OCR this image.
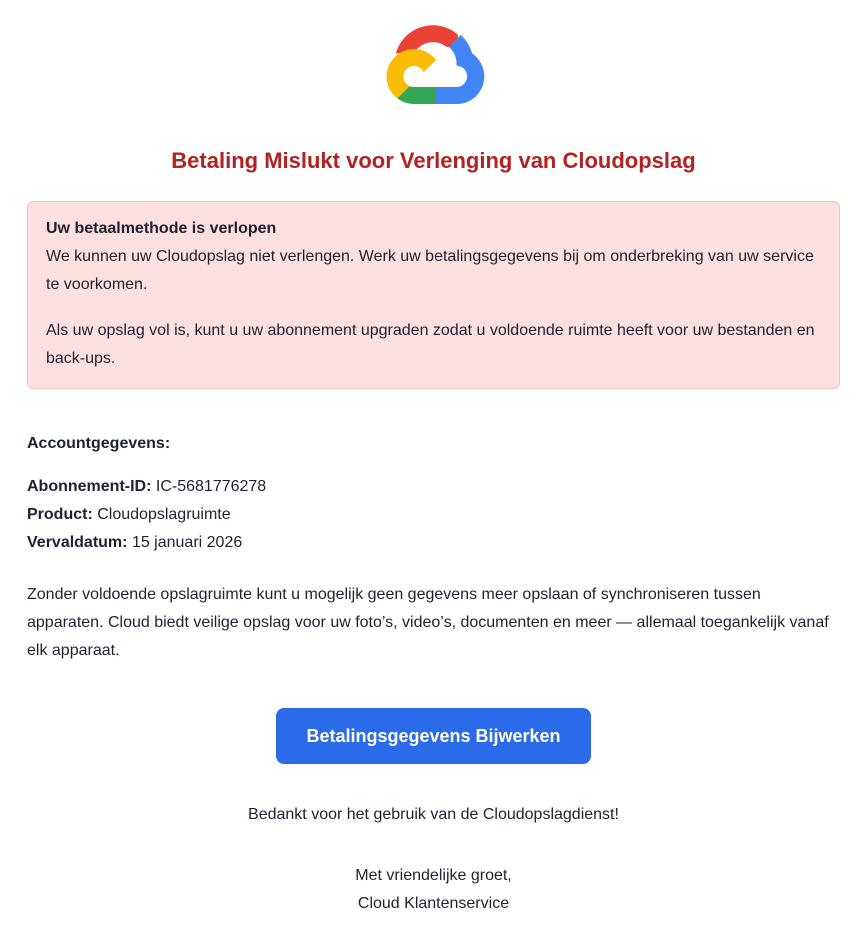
Betaling Mislukt voor Verlenging van Cloudopslag

Uw betaalmethode is verlopen
We kunnen uw Cloudopslag niet verlengen. Werk uw betalingsgegevens bij om onderbreking van uw service te voorkomen.

Als uw opslag vol is, kunt u uw abonnement upgraden zodat u voldoende ruimte heeft voor uw bestanden en back-ups.

Accountgegevens:

Abonnement-ID: IC-5681776278

Product: Cloudopslagruimte

Vervaldatum: 15 januari 2026

Zonder voldoende opslagruimte kunt u mogelijk geen gegevens meer opslaan of synchroniseren tussen apparaten. Cloud biedt veilige opslag voor uw foto’s, video’s, documenten en meer — allemaal toegankelijk vanaf elk apparaat.

Betalingsgegevens Bijwerken

Bedankt voor het gebruik van de Cloudopslagdienst!

Met vriendelijke groet,
Cloud Klantenservice
